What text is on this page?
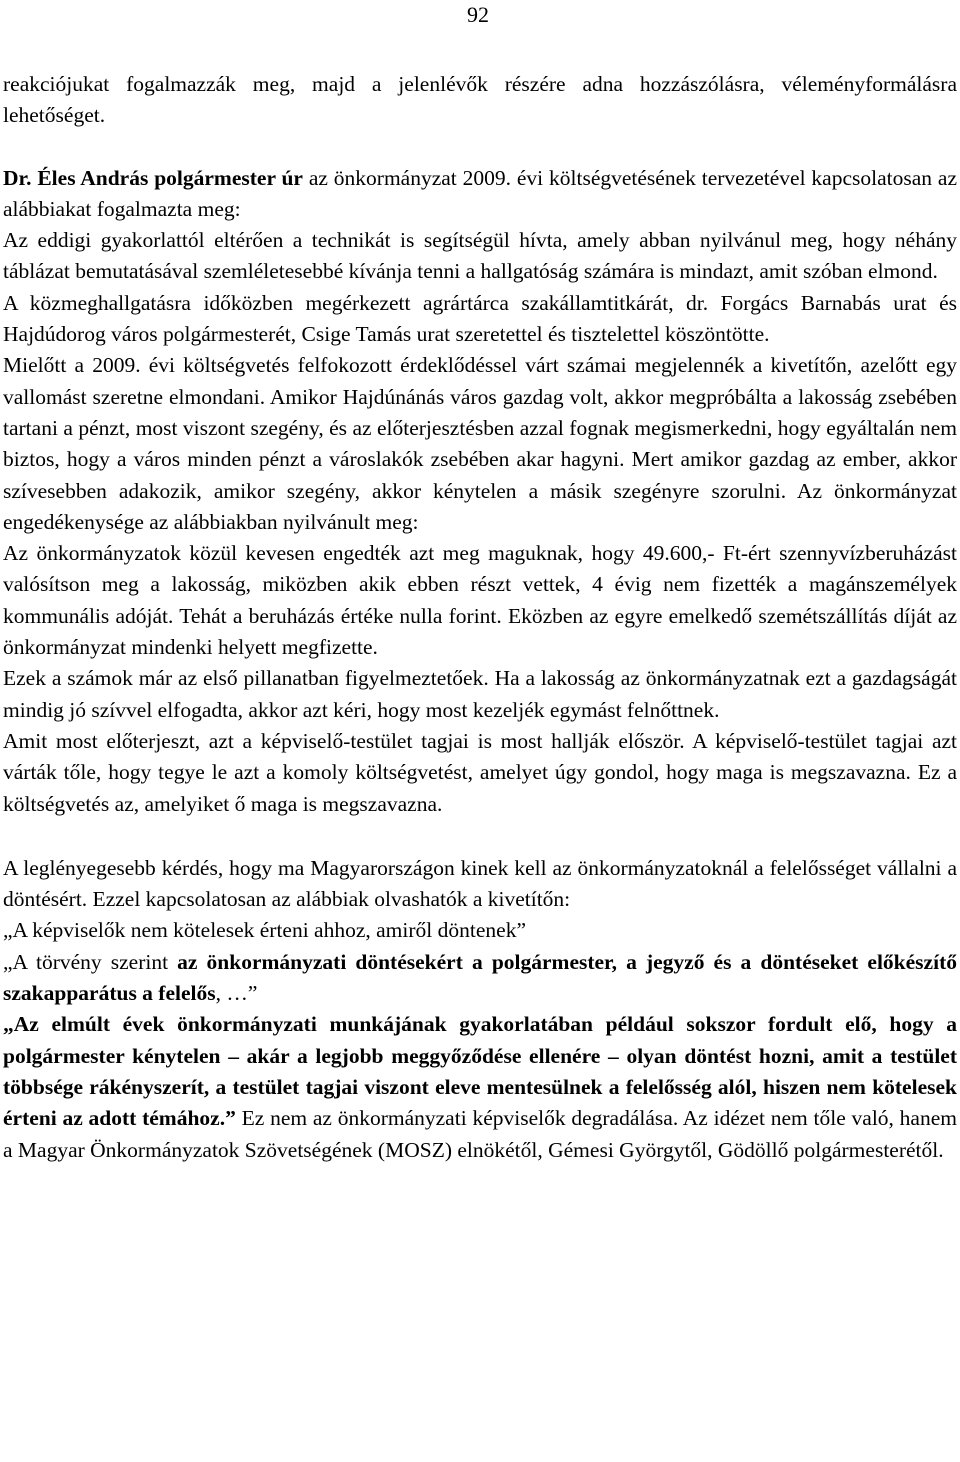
92

reakciójukat fogalmazzák meg, majd a jelenlévők részére adna hozzászólásra, véleményformálásra lehetőséget.

Dr. Éles András polgármester úr az önkormányzat 2009. évi költségvetésének tervezetével kapcsolatosan az alábbiakat fogalmazta meg:

Az eddigi gyakorlattól eltérően a technikát is segítségül hívta, amely abban nyilvánul meg, hogy néhány táblázat bemutatásával szemléletesebbé kívánja tenni a hallgatóság számára is mindazt, amit szóban elmond.

A közmeghallgatásra időközben megérkezett agrártárca szakállamtitkárát, dr. Forgács Barnabás urat és Hajdúdorog város polgármesterét, Csige Tamás urat szeretettel és tisztelettel köszöntötte.

Mielőtt a 2009. évi költségvetés felfokozott érdeklődéssel várt számai megjelennék a kivetítőn, azelőtt egy vallomást szeretne elmondani. Amikor Hajdúnánás város gazdag volt, akkor megpróbálta a lakosság zsebében tartani a pénzt, most viszont szegény, és az előterjesztésben azzal fognak megismerkedni, hogy egyáltalán nem biztos, hogy a város minden pénzt a városlakók zsebében akar hagyni. Mert amikor gazdag az ember, akkor szívesebben adakozik, amikor szegény, akkor kénytelen a másik szegényre szorulni. Az önkormányzat engedékenysége az alábbiakban nyilvánult meg:

Az önkormányzatok közül kevesen engedték azt meg maguknak, hogy 49.600,- Ft-ért szennyvízberuházást valósítson meg a lakosság, miközben akik ebben részt vettek, 4 évig nem fizették a magánszemélyek kommunális adóját. Tehát a beruházás értéke nulla forint. Eközben az egyre emelkedő szemétszállítás díját az önkormányzat mindenki helyett megfizette.

Ezek a számok már az első pillanatban figyelmeztetőek. Ha a lakosság az önkormányzatnak ezt a gazdagságát mindig jó szívvel elfogadta, akkor azt kéri, hogy most kezeljék egymást felnőttnek.

Amit most előterjeszt, azt a képviselő-testület tagjai is most hallják először. A képviselő-testület tagjai azt várták tőle, hogy tegye le azt a komoly költségvetést, amelyet úgy gondol, hogy maga is megszavazna. Ez a költségvetés az, amelyiket ő maga is megszavazna.

A leglényegesebb kérdés, hogy ma Magyarországon kinek kell az önkormányzatoknál a felelősséget vállalni a döntésért. Ezzel kapcsolatosan az alábbiak olvashatók a kivetítőn:

„A képviselők nem kötelesek érteni ahhoz, amiről döntenek”

„A törvény szerint az önkormányzati döntésekért a polgármester, a jegyző és a döntéseket előkészítő szakapparátus a felelős, …”

„Az elmúlt évek önkormányzati munkájának gyakorlatában például sokszor fordult elő, hogy a polgármester kénytelen – akár a legjobb meggyőződése ellenére – olyan döntést hozni, amit a testület többsége rákényszerít, a testület tagjai viszont eleve mentesülnek a felelősség alól, hiszen nem kötelesek érteni az adott témához.” Ez nem az önkormányzati képviselők degradálása. Az idézet nem tőle való, hanem a Magyar Önkormányzatok Szövetségének (MOSZ) elnökétől, Gémesi Györgytől, Gödöllő polgármesterétől.
